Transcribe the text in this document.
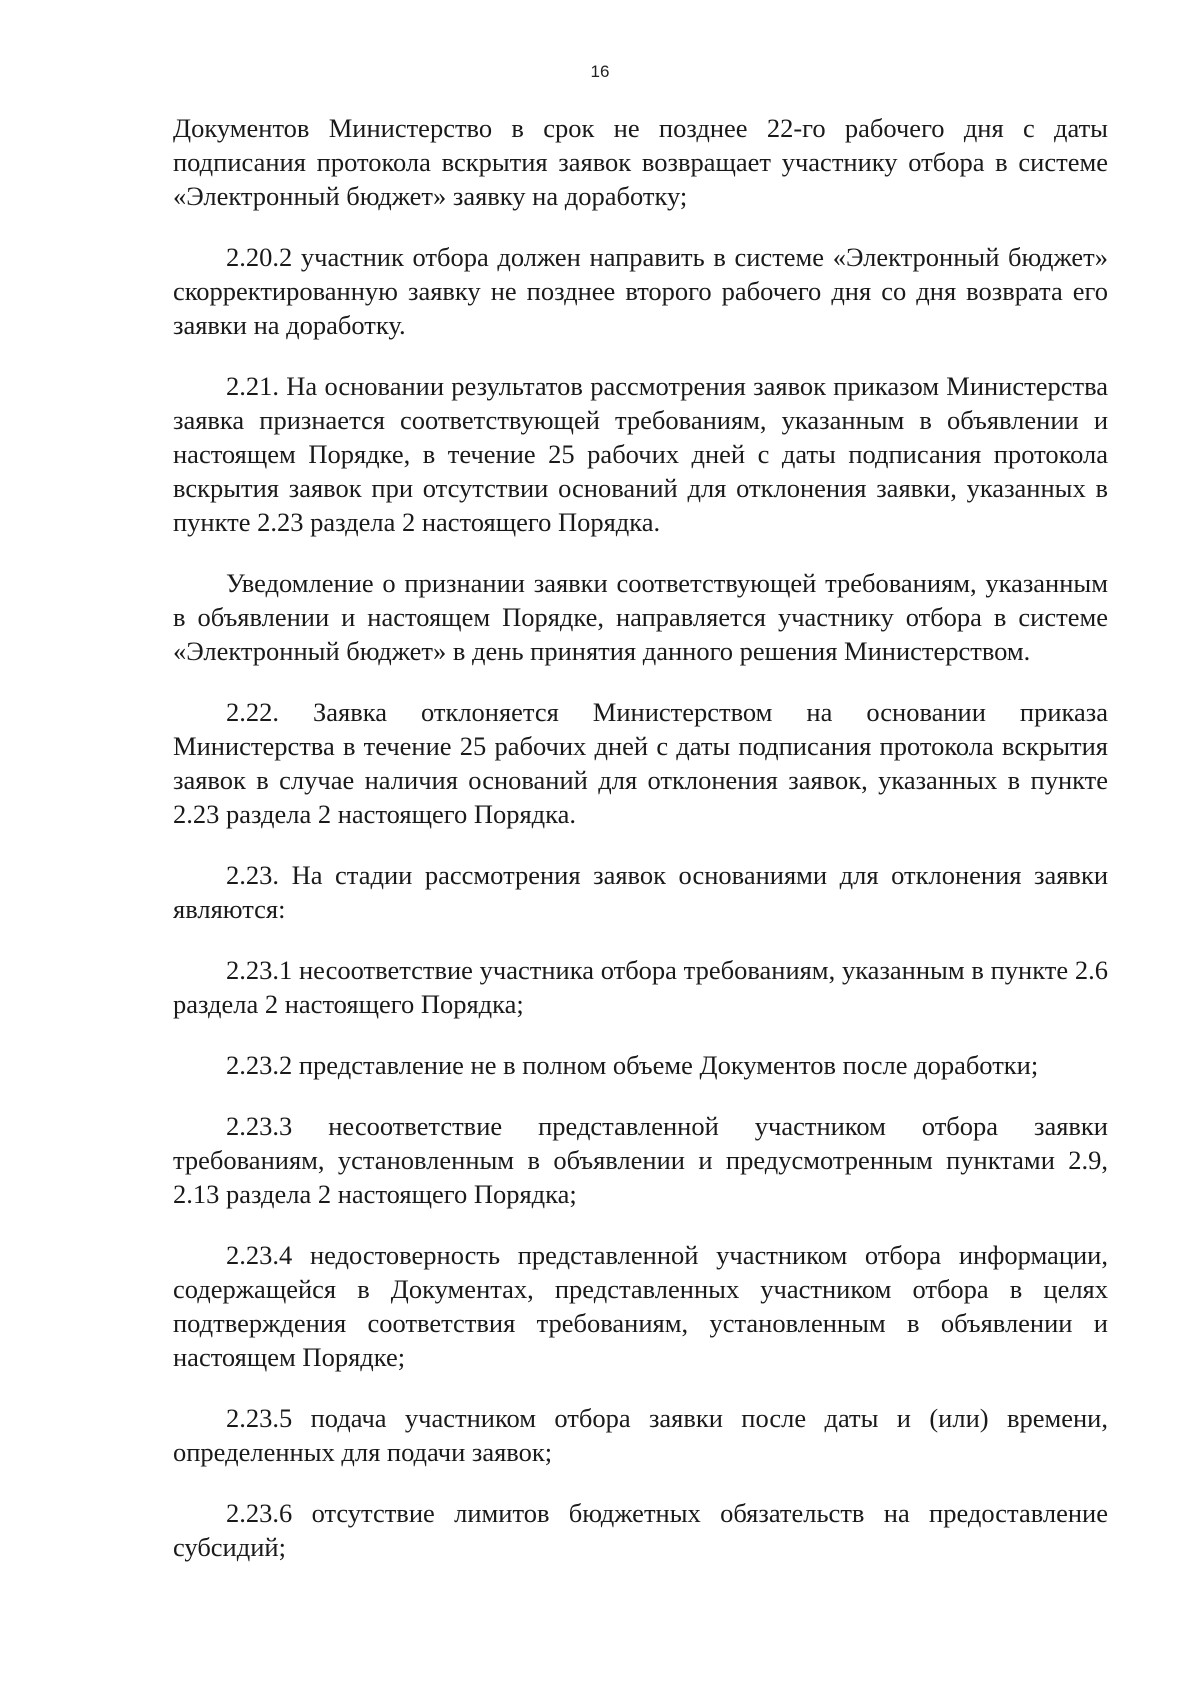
16

Документов Министерство в срок не позднее 22-го рабочего дня с даты подписания протокола вскрытия заявок возвращает участнику отбора в системе «Электронный бюджет» заявку на доработку;

2.20.2 участник отбора должен направить в системе «Электронный бюджет» скорректированную заявку не позднее второго рабочего дня со дня возврата его заявки на доработку.

2.21. На основании результатов рассмотрения заявок приказом Министерства заявка признается соответствующей требованиям, указанным в объявлении и настоящем Порядке, в течение 25 рабочих дней с даты подписания протокола вскрытия заявок при отсутствии оснований для отклонения заявки, указанных в пункте 2.23 раздела 2 настоящего Порядка.

Уведомление о признании заявки соответствующей требованиям, указанным в объявлении и настоящем Порядке, направляется участнику отбора в системе «Электронный бюджет» в день принятия данного решения Министерством.

2.22. Заявка отклоняется Министерством на основании приказа Министерства в течение 25 рабочих дней с даты подписания протокола вскрытия заявок в случае наличия оснований для отклонения заявок, указанных в пункте 2.23 раздела 2 настоящего Порядка.

2.23. На стадии рассмотрения заявок основаниями для отклонения заявки являются:

2.23.1 несоответствие участника отбора требованиям, указанным в пункте 2.6 раздела 2 настоящего Порядка;

2.23.2 представление не в полном объеме Документов после доработки;

2.23.3 несоответствие представленной участником отбора заявки требованиям, установленным в объявлении и предусмотренным пунктами 2.9, 2.13 раздела 2 настоящего Порядка;

2.23.4 недостоверность представленной участником отбора информации, содержащейся в Документах, представленных участником отбора в целях подтверждения соответствия требованиям, установленным в объявлении и настоящем Порядке;

2.23.5 подача участником отбора заявки после даты и (или) времени, определенных для подачи заявок;

2.23.6 отсутствие лимитов бюджетных обязательств на предоставление субсидий;
